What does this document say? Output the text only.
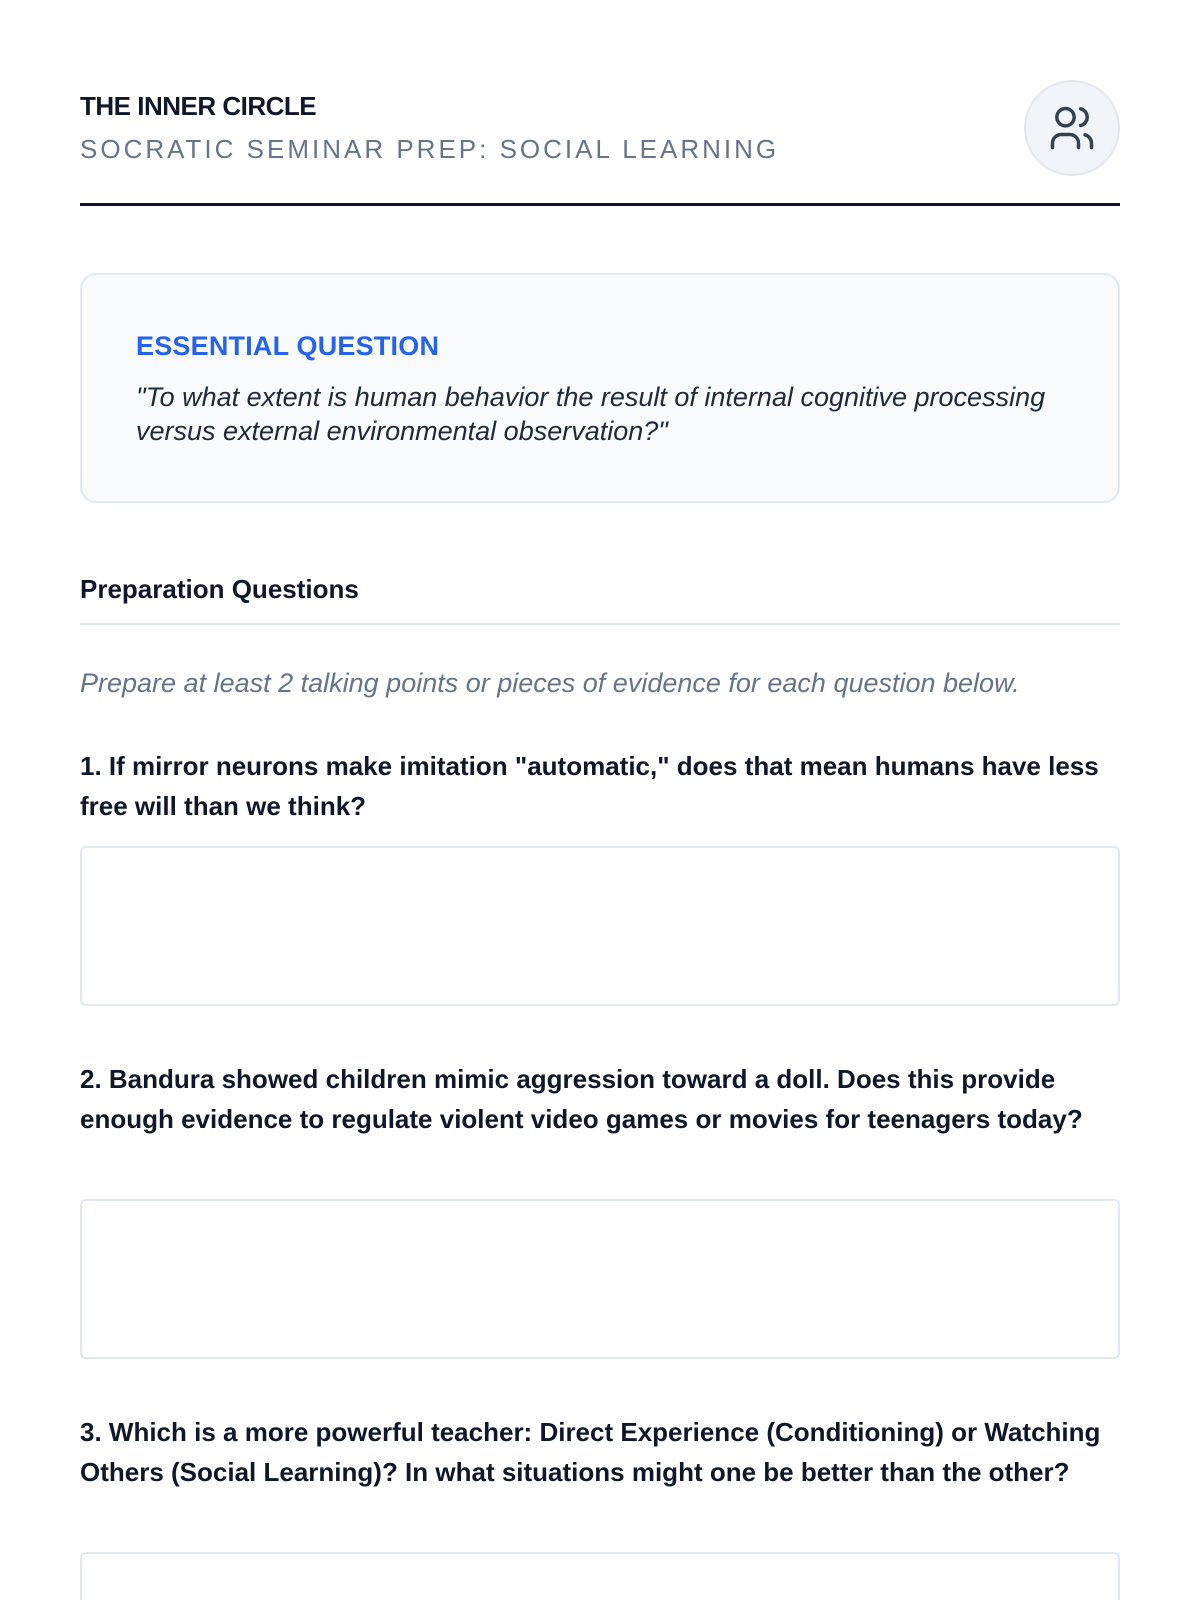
THE INNER CIRCLE
SOCRATIC SEMINAR PREP: SOCIAL LEARNING
ESSENTIAL QUESTION
"To what extent is human behavior the result of internal cognitive processing versus external environmental observation?"
Preparation Questions
Prepare at least 2 talking points or pieces of evidence for each question below.
1. If mirror neurons make imitation "automatic," does that mean humans have less free will than we think?
2. Bandura showed children mimic aggression toward a doll. Does this provide enough evidence to regulate violent video games or movies for teenagers today?
3. Which is a more powerful teacher: Direct Experience (Conditioning) or Watching Others (Social Learning)? In what situations might one be better than the other?
